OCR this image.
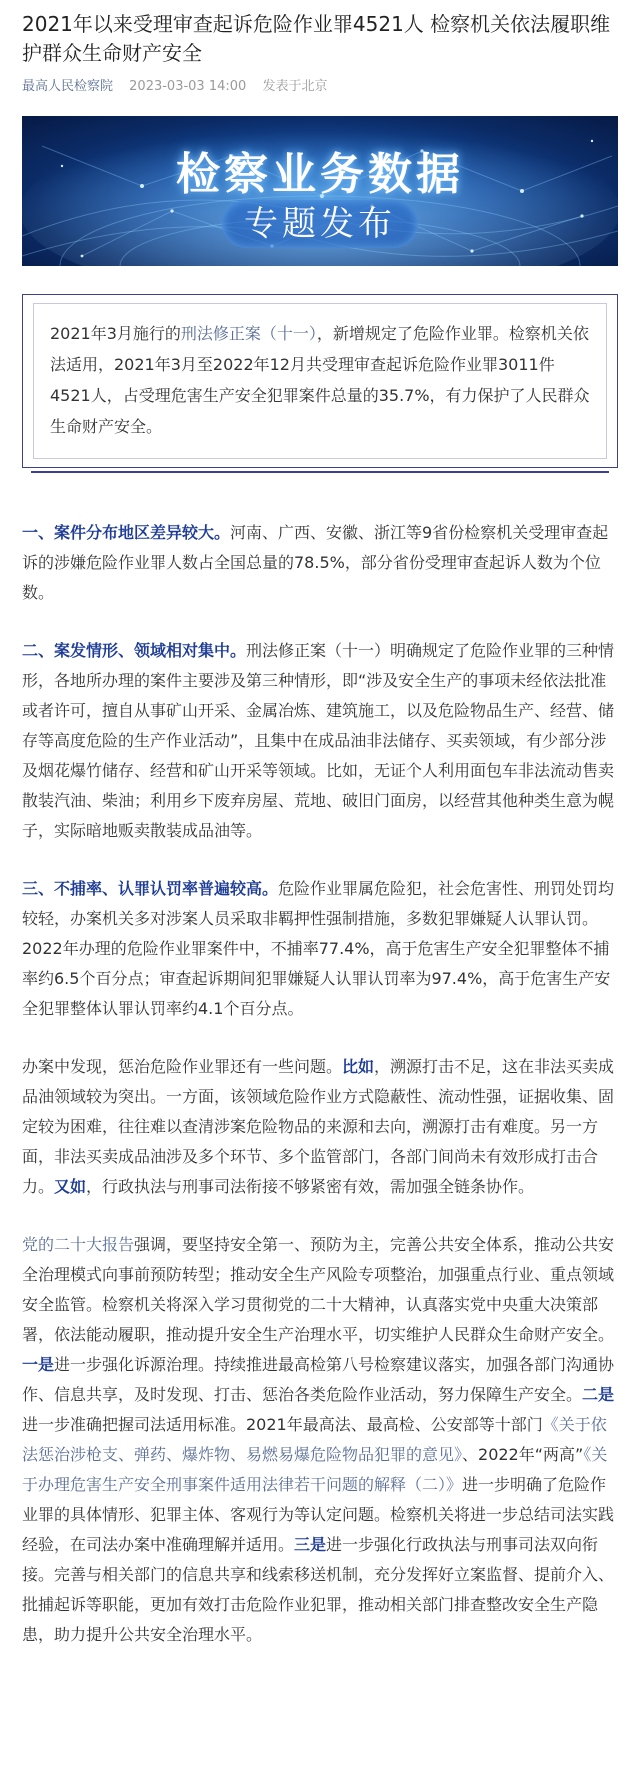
2021年以来受理审查起诉危险作业罪4521人 检察机关依法履职维护群众生命财产安全
最高人民检察院 2023-03-03 14:00 发表于北京
检察业务数据
专题发布
2021年3月施行的刑法修正案（十一），新增规定了危险作业罪。检察机关依法适用，2021年3月至2022年12月共受理审查起诉危险作业罪3011件4521人，占受理危害生产安全犯罪案件总量的35.7%，有力保护了人民群众生命财产安全。

一、案件分布地区差异较大。河南、广西、安徽、浙江等9省份检察机关受理审查起诉的涉嫌危险作业罪人数占全国总量的78.5%，部分省份受理审查起诉人数为个位数。

二、案发情形、领域相对集中。刑法修正案（十一）明确规定了危险作业罪的三种情形，各地所办理的案件主要涉及第三种情形，即“涉及安全生产的事项未经依法批准或者许可，擅自从事矿山开采、金属冶炼、建筑施工，以及危险物品生产、经营、储存等高度危险的生产作业活动”，且集中在成品油非法储存、买卖领域，有少部分涉及烟花爆竹储存、经营和矿山开采等领域。比如，无证个人利用面包车非法流动售卖散装汽油、柴油；利用乡下废弃房屋、荒地、破旧门面房，以经营其他种类生意为幌子，实际暗地贩卖散装成品油等。

三、不捕率、认罪认罚率普遍较高。危险作业罪属危险犯，社会危害性、刑罚处罚均较轻，办案机关多对涉案人员采取非羁押性强制措施，多数犯罪嫌疑人认罪认罚。2022年办理的危险作业罪案件中，不捕率77.4%，高于危害生产安全犯罪整体不捕率约6.5个百分点；审查起诉期间犯罪嫌疑人认罪认罚率为97.4%，高于危害生产安全犯罪整体认罪认罚率约4.1个百分点。

办案中发现，惩治危险作业罪还有一些问题。比如，溯源打击不足，这在非法买卖成品油领域较为突出。一方面，该领域危险作业方式隐蔽性、流动性强，证据收集、固定较为困难，往往难以查清涉案危险物品的来源和去向，溯源打击有难度。另一方面，非法买卖成品油涉及多个环节、多个监管部门，各部门间尚未有效形成打击合力。又如，行政执法与刑事司法衔接不够紧密有效，需加强全链条协作。

党的二十大报告强调，要坚持安全第一、预防为主，完善公共安全体系，推动公共安全治理模式向事前预防转型；推动安全生产风险专项整治，加强重点行业、重点领域安全监管。检察机关将深入学习贯彻党的二十大精神，认真落实党中央重大决策部署，依法能动履职，推动提升安全生产治理水平，切实维护人民群众生命财产安全。一是进一步强化诉源治理。持续推进最高检第八号检察建议落实，加强各部门沟通协作、信息共享，及时发现、打击、惩治各类危险作业活动，努力保障生产安全。二是进一步准确把握司法适用标准。2021年最高法、最高检、公安部等十部门《关于依法惩治涉枪支、弹药、爆炸物、易燃易爆危险物品犯罪的意见》、2022年“两高”《关于办理危害生产安全刑事案件适用法律若干问题的解释（二）》进一步明确了危险作业罪的具体情形、犯罪主体、客观行为等认定问题。检察机关将进一步总结司法实践经验，在司法办案中准确理解并适用。三是进一步强化行政执法与刑事司法双向衔接。完善与相关部门的信息共享和线索移送机制，充分发挥好立案监督、提前介入、批捕起诉等职能，更加有效打击危险作业犯罪，推动相关部门排查整改安全生产隐患，助力提升公共安全治理水平。
